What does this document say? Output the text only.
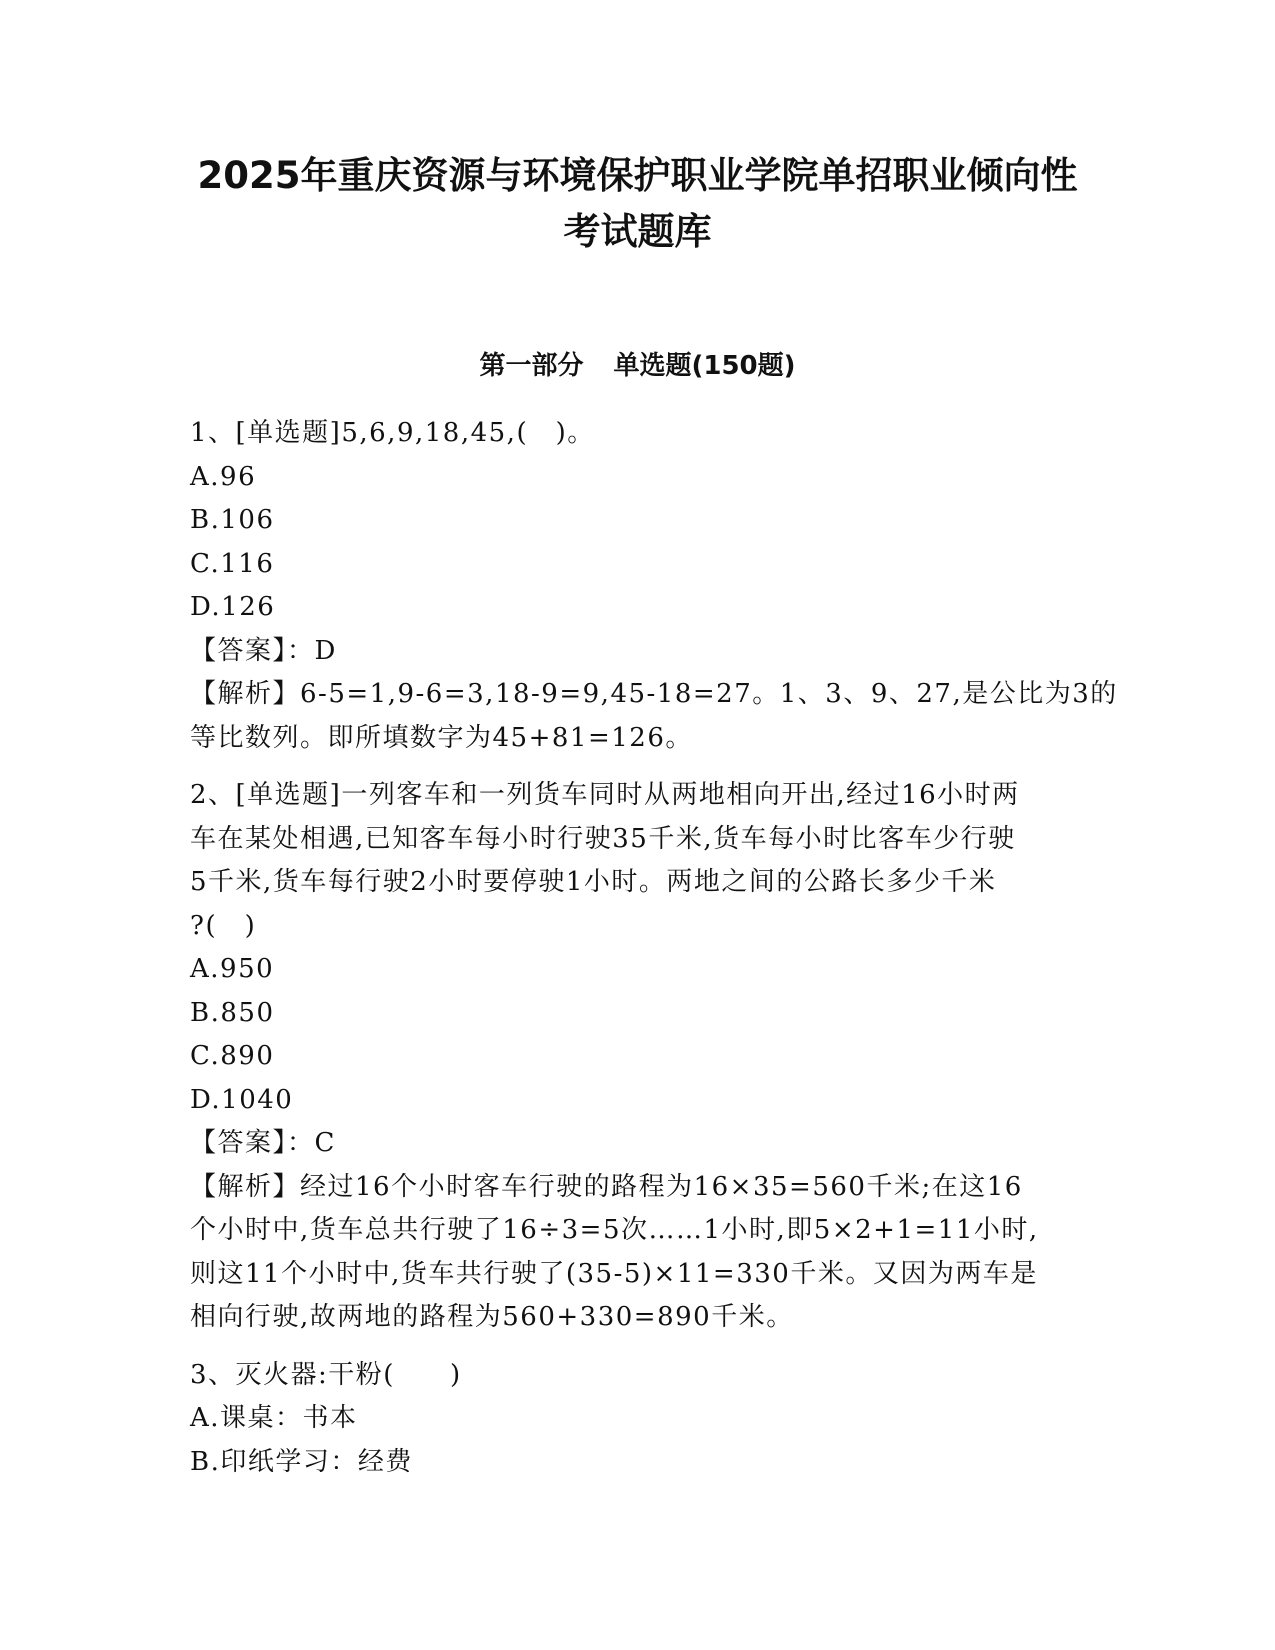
2025年重庆资源与环境保护职业学院单招职业倾向性
考试题库
第一部分 单选题(150题)
1、[单选题]5,6,9,18,45,(　)。
A.96
B.106
C.116
D.126
【答案】：D
【解析】6-5=1,9-6=3,18-9=9,45-18=27。1、3、9、27,是公比为3的
等比数列。即所填数字为45+81=126。
2、[单选题]一列客车和一列货车同时从两地相向开出,经过16小时两
车在某处相遇,已知客车每小时行驶35千米,货车每小时比客车少行驶
5千米,货车每行驶2小时要停驶1小时。两地之间的公路长多少千米
?(　)
A.950
B.850
C.890
D.1040
【答案】：C
【解析】经过16个小时客车行驶的路程为16×35=560千米;在这16
个小时中,货车总共行驶了16÷3=5次……1小时,即5×2+1=11小时,
则这11个小时中,货车共行驶了(35-5)×11=330千米。又因为两车是
相向行驶,故两地的路程为560+330=890千米。
3、灭火器:干粉(　　)
A.课桌：书本
B.印纸学习：经费
